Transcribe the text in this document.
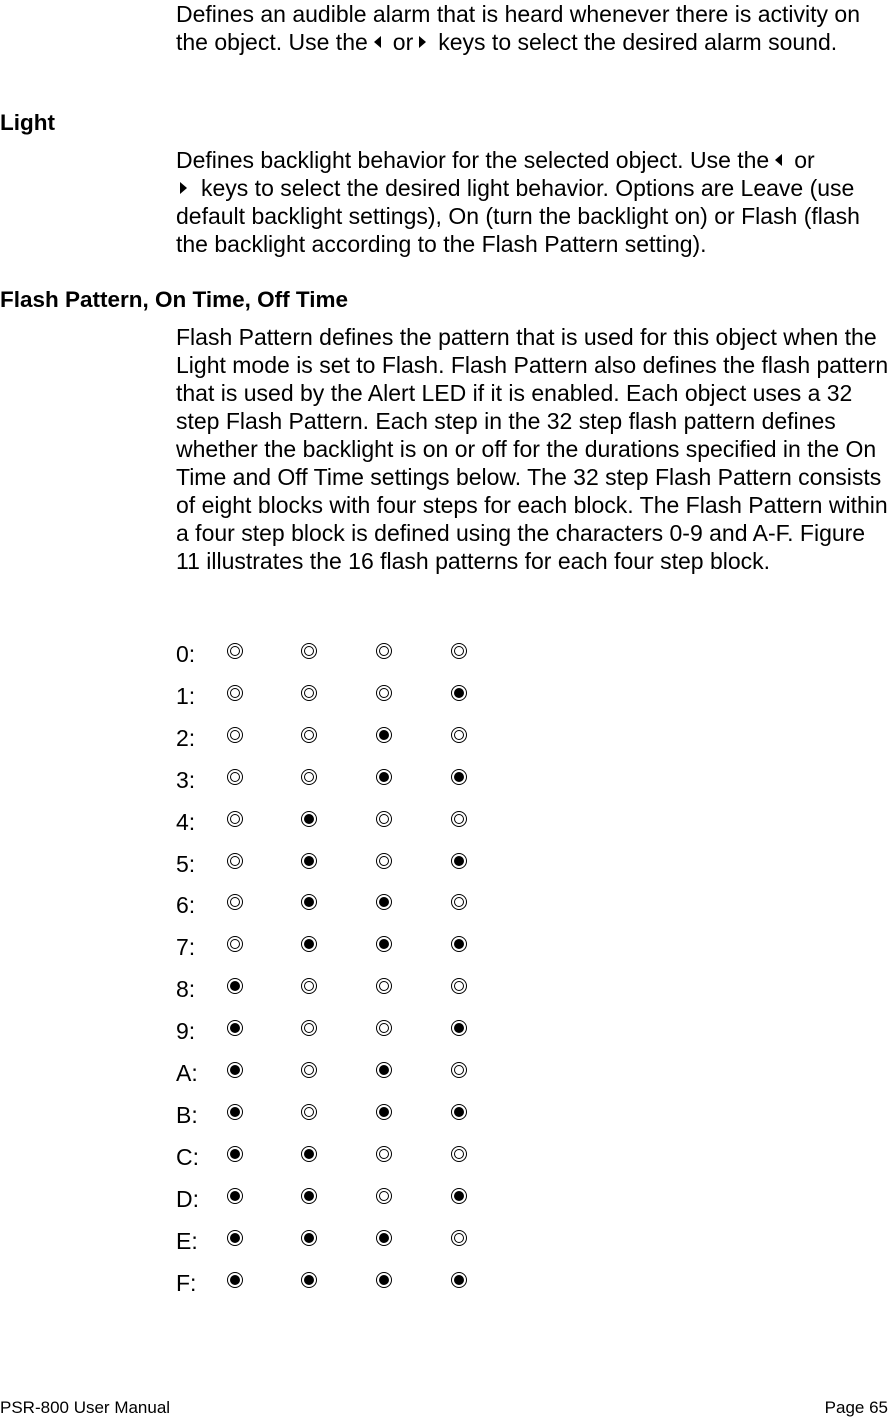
Defines an audible alarm that is heard whenever there is activity on the object. Use the or keys to select the desired alarm sound.

Light

Defines backlight behavior for the selected object. Use the or
keys to select the desired light behavior. Options are Leave (use default backlight settings), On (turn the backlight on) or Flash (flash the backlight according to the Flash Pattern setting).

Flash Pattern, On Time, Off Time

Flash Pattern defines the pattern that is used for this object when the Light mode is set to Flash. Flash Pattern also defines the flash pattern that is used by the Alert LED if it is enabled. Each object uses a 32 step Flash Pattern. Each step in the 32 step flash pattern defines whether the backlight is on or off for the durations specified in the On Time and Off Time settings below. The 32 step Flash Pattern consists of eight blocks with four steps for each block. The Flash Pattern within a four step block is defined using the characters 0-9 and A-F. Figure 11 illustrates the 16 flash patterns for each four step block.

0:
1:
2:
3:
4:
5:
6:
7:
8:
9:
A:
B:
C:
D:
E:
F:
PSR-800 User Manual	Page 65
